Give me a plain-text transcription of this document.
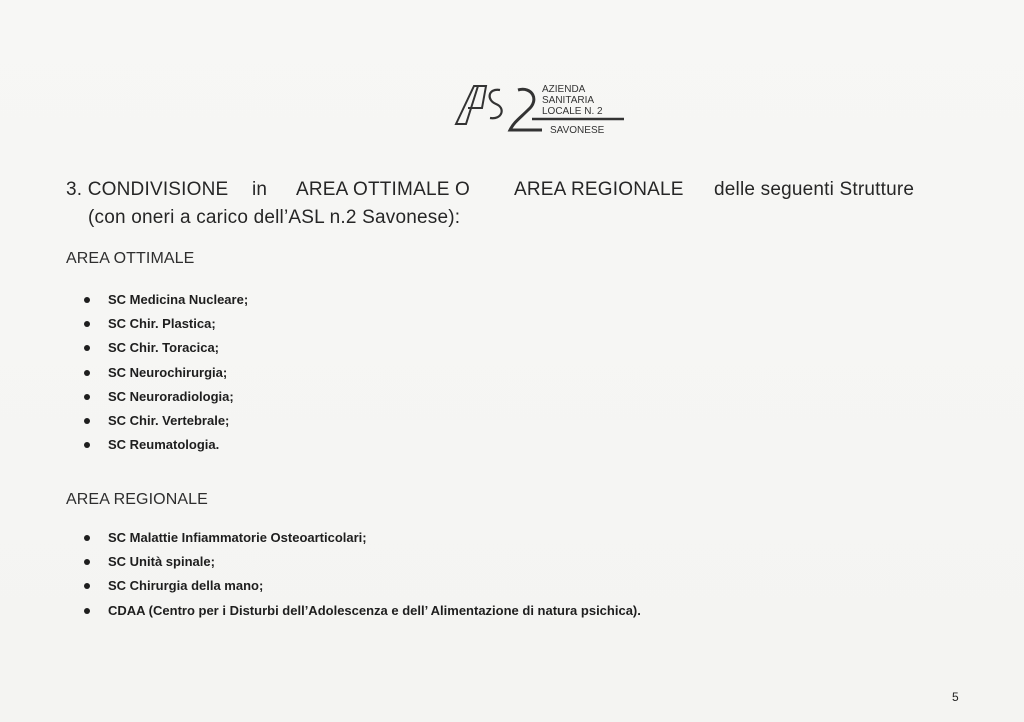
AZIENDA
SANITARIA
LOCALE N. 2
SAVONESE
3. CONDIVISIONE	in	AREA OTTIMALE O	AREA REGIONALE	delle seguenti Strutture
(con oneri a carico dell’ASL n.2 Savonese):
AREA OTTIMALE
SC Medicina Nucleare;
SC Chir. Plastica;
SC Chir. Toracica;
SC Neurochirurgia;
SC Neuroradiologia;
SC Chir. Vertebrale;
SC Reumatologia.
AREA REGIONALE
SC Malattie Infiammatorie Osteoarticolari;
SC Unità spinale;
SC Chirurgia della mano;
CDAA (Centro per i Disturbi dell’Adolescenza e dell’ Alimentazione di natura psichica).
5
